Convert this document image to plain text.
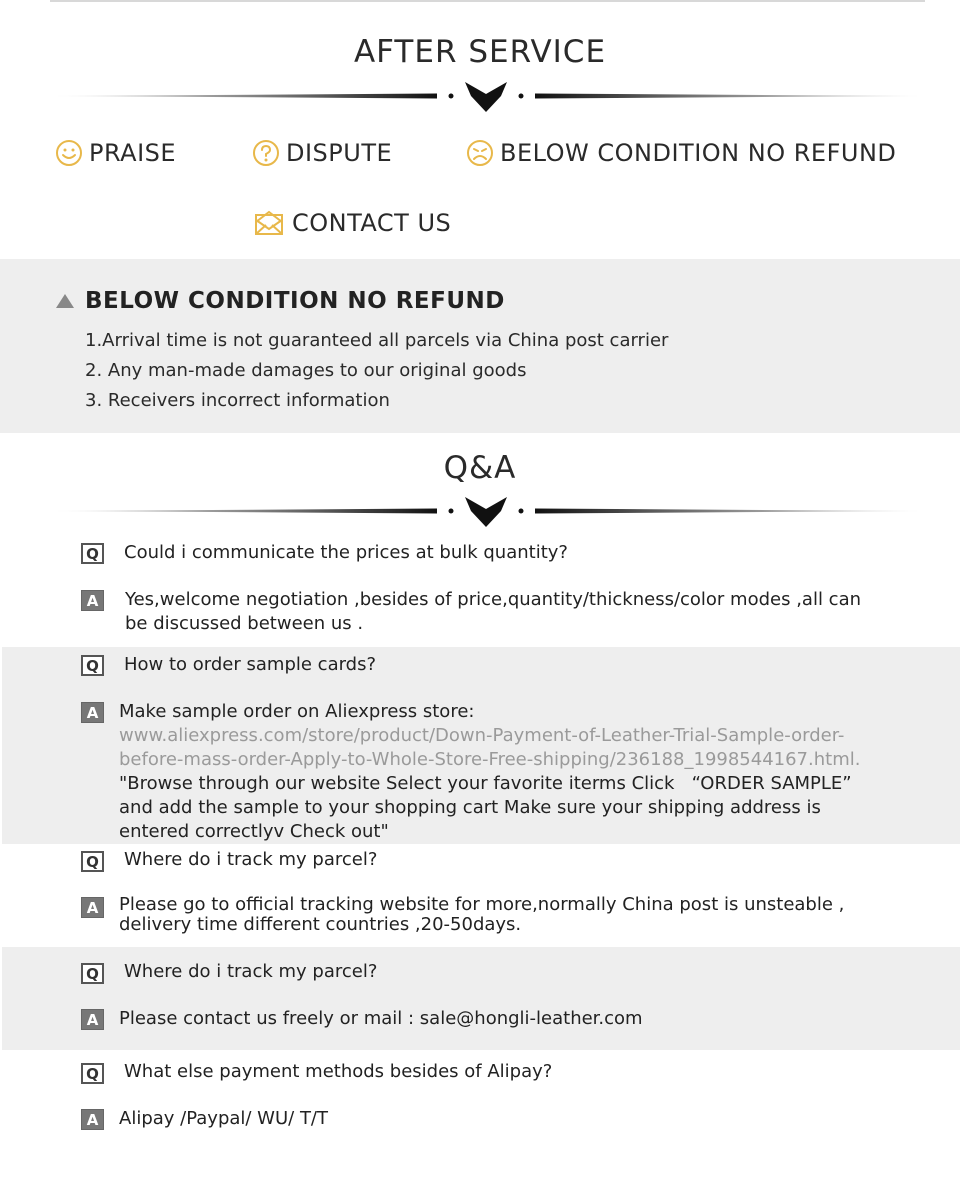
AFTER SERVICE
PRAISE	DISPUTE	BELOW CONDITION NO REFUND
CONTACT US
BELOW CONDITION NO REFUND
1.Arrival time is not guaranteed all parcels via China post carrier
2. Any man-made damages to our original goods
3. Receivers incorrect information
Q&A
Q Could i communicate the prices at bulk quantity?
A	Yes,welcome negotiation ,besides of price,quantity/thickness/color modes ,all can
be discussed between us .
Q How to order sample cards?
A	Make sample order on Aliexpress store:
www.aliexpress.com/store/product/Down-Payment-of-Leather-Trial-Sample-order-
before-mass-order-Apply-to-Whole-Store-Free-shipping/236188_1998544167.html.
"Browse through our website Select your favorite iterms Click   “ORDER SAMPLE”
and add the sample to your shopping cart Make sure your shipping address is
entered correctlyv Check out"
Q Where do i track my parcel?
A	Please go to official tracking website for more,normally China post is unsteable ,
delivery time different countries ,20-50days.
Q Where do i track my parcel?
A	Please contact us freely or mail : sale@hongli-leather.com
Q What else payment methods besides of Alipay?
A	Alipay /Paypal/ WU/ T/T
